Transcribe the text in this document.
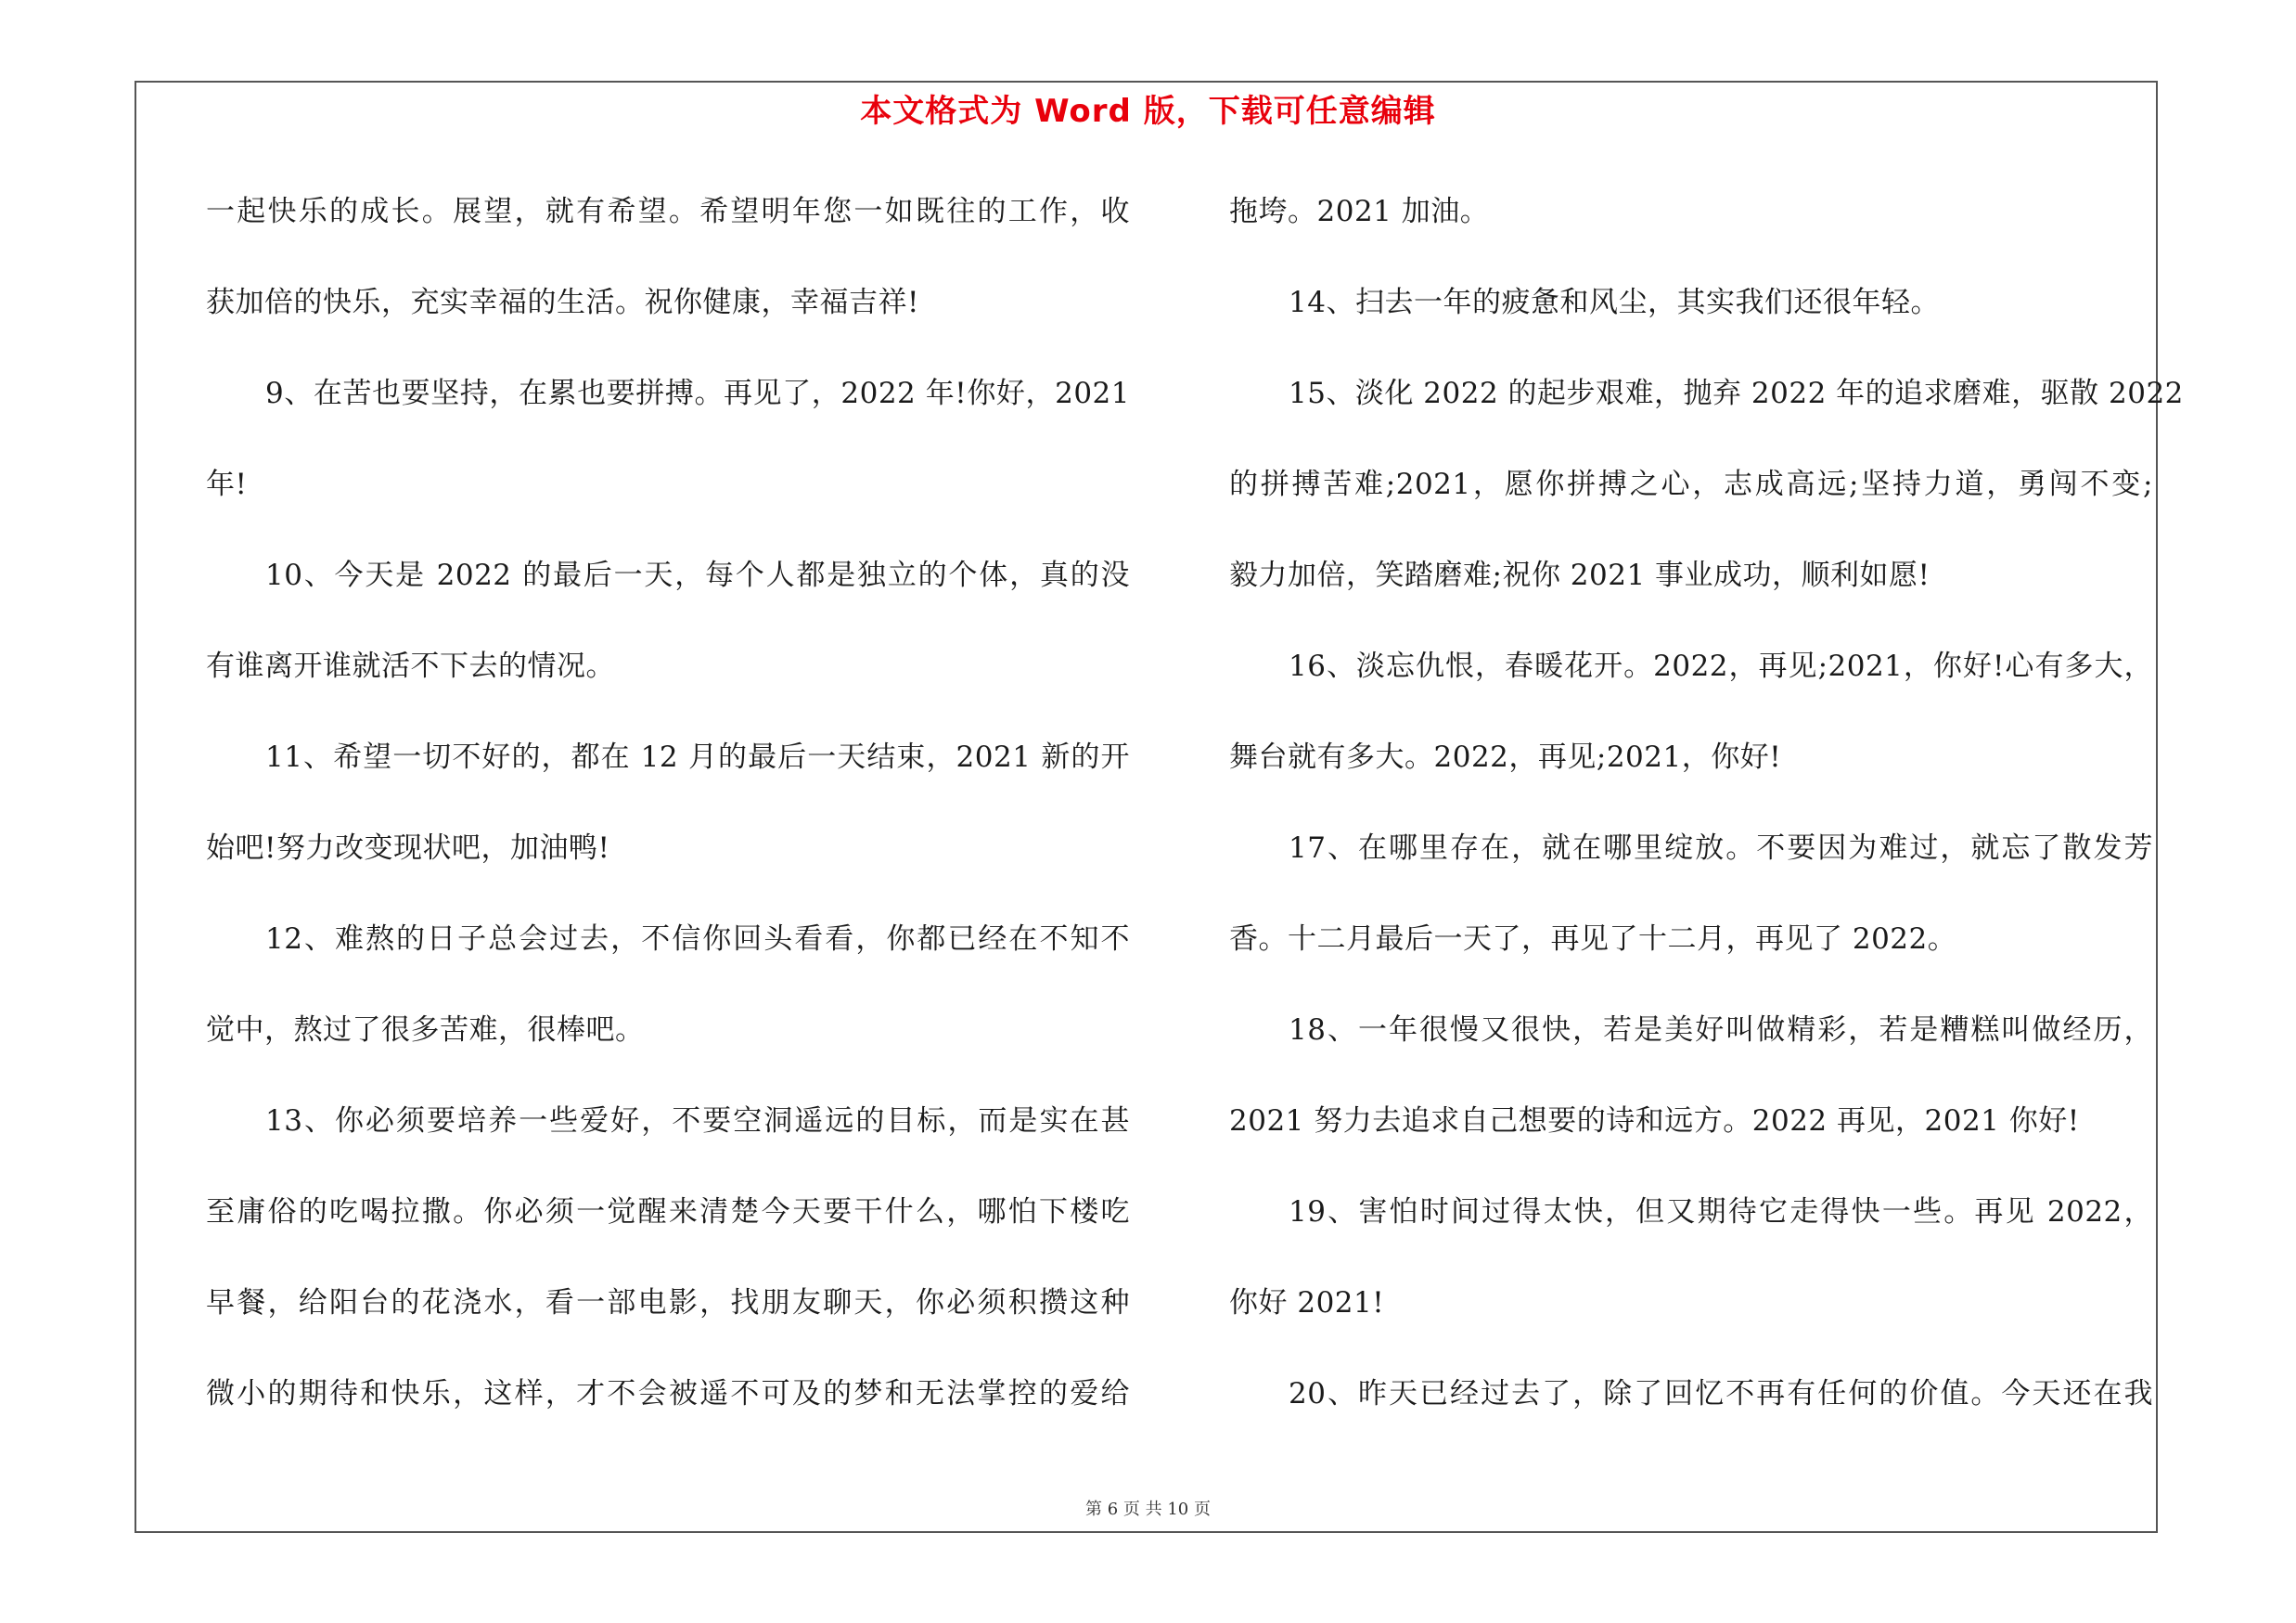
本文格式为 Word 版，下载可任意编辑
一起快乐的成长。展望，就有希望。希望明年您一如既往的工作，收
获加倍的快乐，充实幸福的生活。祝你健康，幸福吉祥!
9、在苦也要坚持，在累也要拼搏。再见了，2022 年!你好，2021
年!
10、今天是 2022 的最后一天，每个人都是独立的个体，真的没
有谁离开谁就活不下去的情况。
11、希望一切不好的，都在 12 月的最后一天结束，2021 新的开
始吧!努力改变现状吧，加油鸭!
12、难熬的日子总会过去，不信你回头看看，你都已经在不知不
觉中，熬过了很多苦难，很棒吧。
13、你必须要培养一些爱好，不要空洞遥远的目标，而是实在甚
至庸俗的吃喝拉撒。你必须一觉醒来清楚今天要干什么，哪怕下楼吃
早餐，给阳台的花浇水，看一部电影，找朋友聊天，你必须积攒这种
微小的期待和快乐，这样，才不会被遥不可及的梦和无法掌控的爱给
拖垮。2021 加油。
14、扫去一年的疲惫和风尘，其实我们还很年轻。
15、淡化 2022 的起步艰难，抛弃 2022 年的追求磨难，驱散 2022
的拼搏苦难;2021，愿你拼搏之心，志成高远;坚持力道，勇闯不变;
毅力加倍，笑踏磨难;祝你 2021 事业成功，顺利如愿!
16、淡忘仇恨，春暖花开。2022，再见;2021，你好!心有多大，
舞台就有多大。2022，再见;2021，你好!
17、在哪里存在，就在哪里绽放。不要因为难过，就忘了散发芳
香。十二月最后一天了，再见了十二月，再见了 2022。
18、一年很慢又很快，若是美好叫做精彩，若是糟糕叫做经历，
2021 努力去追求自己想要的诗和远方。2022 再见，2021 你好!
19、害怕时间过得太快，但又期待它走得快一些。再见 2022，
你好 2021!
20、昨天已经过去了，除了回忆不再有任何的价值。今天还在我
第 6 页 共 10 页
